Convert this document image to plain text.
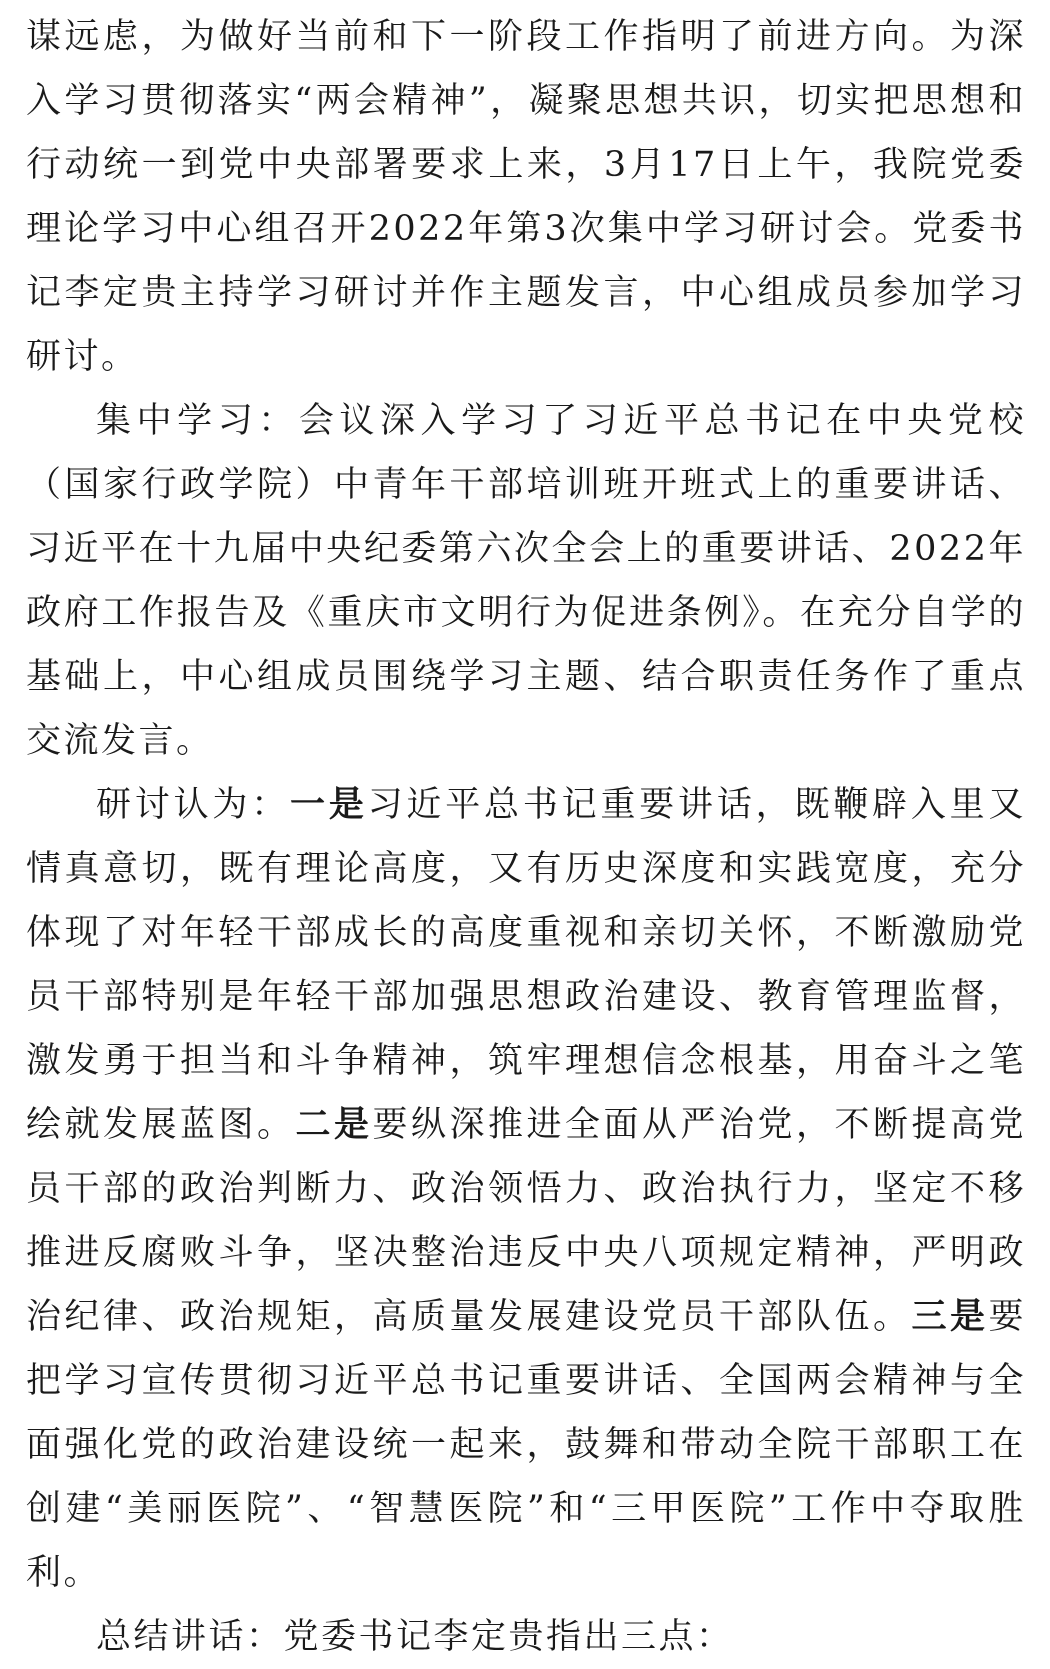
谋远虑，为做好当前和下一阶段工作指明了前进方向。为深入学习贯彻落实“两会精神”，凝聚思想共识，切实把思想和行动统一到党中央部署要求上来，3月17日上午，我院党委理论学习中心组召开2022年第3次集中学习研讨会。党委书记李定贵主持学习研讨并作主题发言，中心组成员参加学习研讨。

集中学习：会议深入学习了习近平总书记在中央党校（国家行政学院）中青年干部培训班开班式上的重要讲话、习近平在十九届中央纪委第六次全会上的重要讲话、2022年政府工作报告及《重庆市文明行为促进条例》。在充分自学的基础上，中心组成员围绕学习主题、结合职责任务作了重点交流发言。

研讨认为：一是习近平总书记重要讲话，既鞭辟入里又情真意切，既有理论高度，又有历史深度和实践宽度，充分体现了对年轻干部成长的高度重视和亲切关怀，不断激励党员干部特别是年轻干部加强思想政治建设、教育管理监督，激发勇于担当和斗争精神，筑牢理想信念根基，用奋斗之笔绘就发展蓝图。二是要纵深推进全面从严治党，不断提高党员干部的政治判断力、政治领悟力、政治执行力，坚定不移推进反腐败斗争，坚决整治违反中央八项规定精神，严明政治纪律、政治规矩，高质量发展建设党员干部队伍。三是要把学习宣传贯彻习近平总书记重要讲话、全国两会精神与全面强化党的政治建设统一起来，鼓舞和带动全院干部职工在创建“美丽医院”、“智慧医院”和“三甲医院”工作中夺取胜利。

总结讲话：党委书记李定贵指出三点：
